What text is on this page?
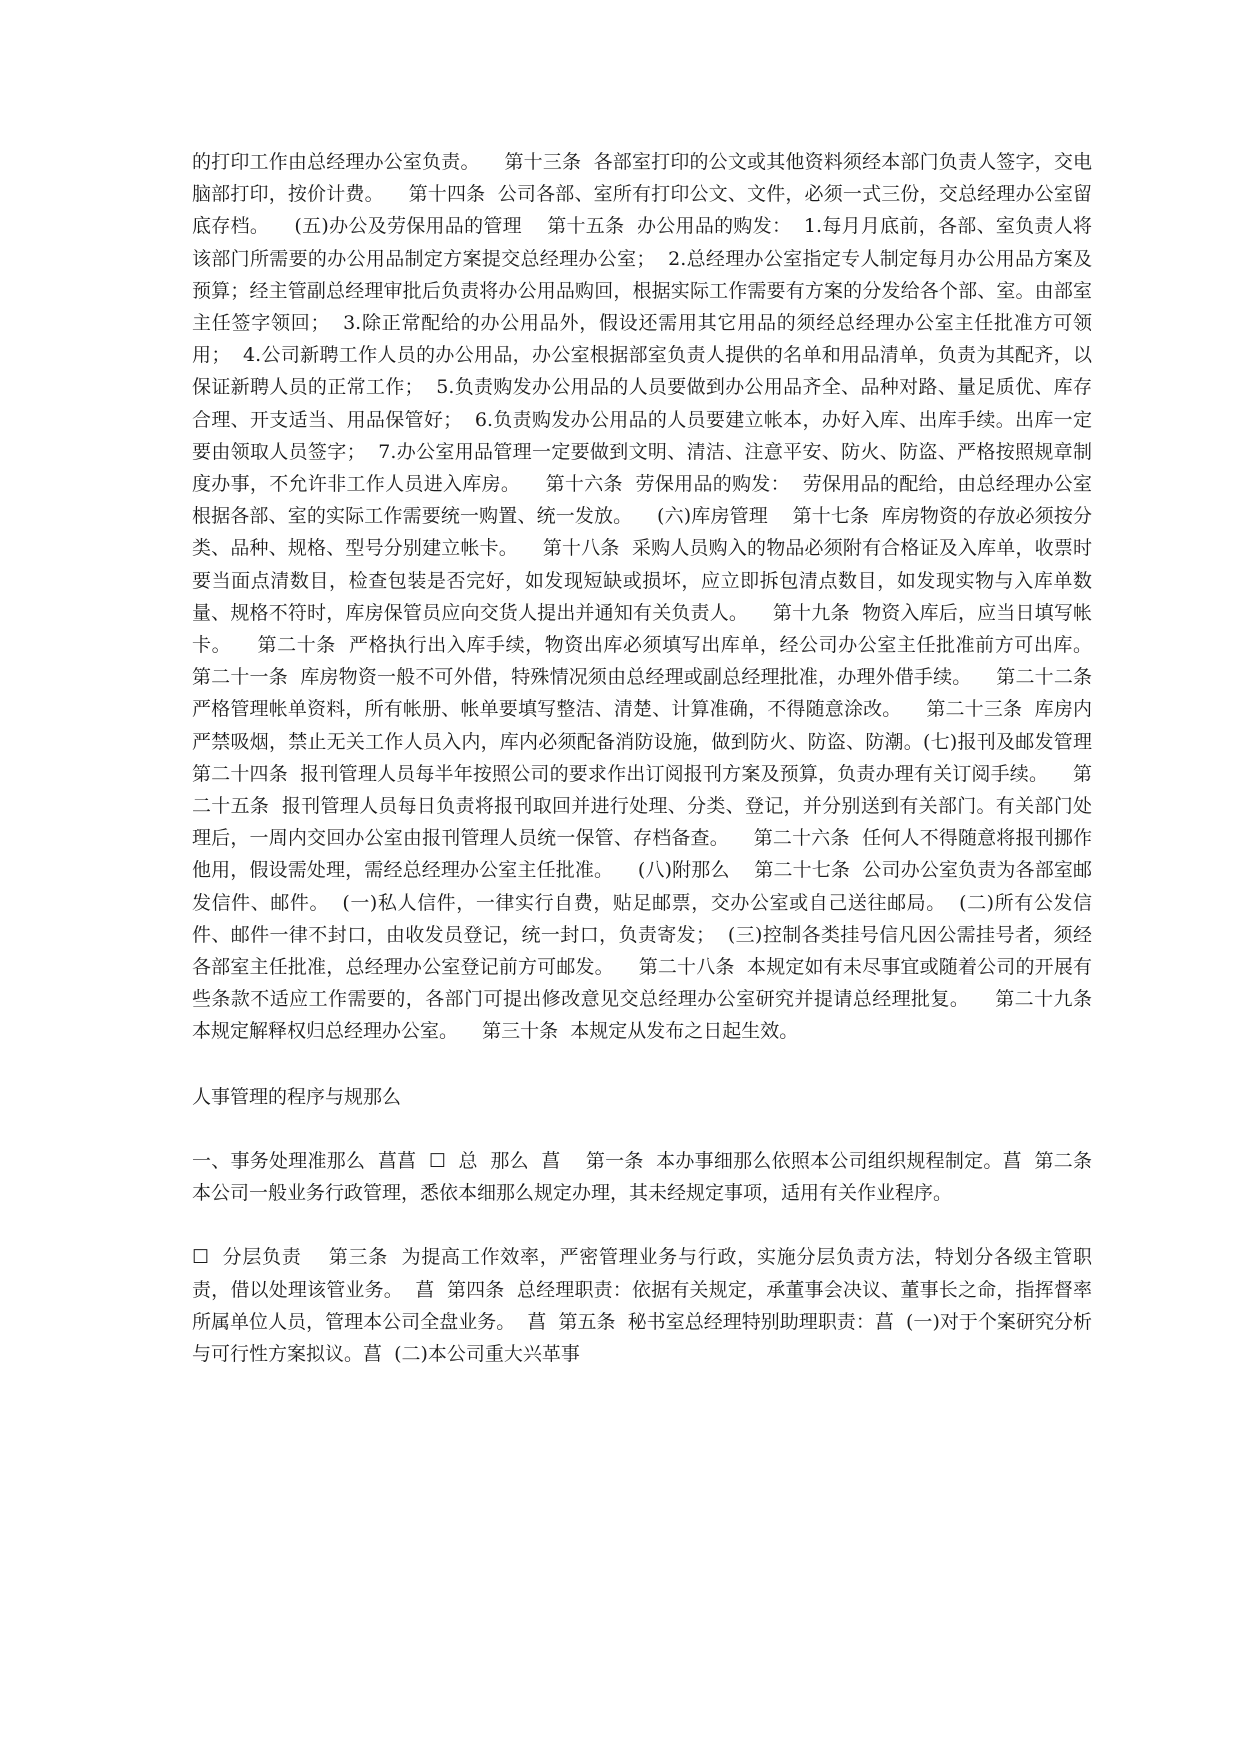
的打印工作由总经理办公室负责。    第十三条  各部室打印的公文或其他资料须经本部门负责人签字，交电脑部打印，按价计费。    第十四条  公司各部、室所有打印公文、文件，必须一式三份，交总经理办公室留底存档。    (五)办公及劳保用品的管理    第十五条  办公用品的购发：  1.每月月底前，各部、室负责人将该部门所需要的办公用品制定方案提交总经理办公室；  2.总经理办公室指定专人制定每月办公用品方案及预算；经主管副总经理审批后负责将办公用品购回，根据实际工作需要有方案的分发给各个部、室。由部室主任签字领回；  3.除正常配给的办公用品外，假设还需用其它用品的须经总经理办公室主任批准方可领用；  4.公司新聘工作人员的办公用品，办公室根据部室负责人提供的名单和用品清单，负责为其配齐，以保证新聘人员的正常工作；  5.负责购发办公用品的人员要做到办公用品齐全、品种对路、量足质优、库存合理、开支适当、用品保管好；  6.负责购发办公用品的人员要建立帐本，办好入库、出库手续。出库一定要由领取人员签字；  7.办公室用品管理一定要做到文明、清洁、注意平安、防火、防盗、严格按照规章制度办事，不允许非工作人员进入库房。    第十六条  劳保用品的购发：  劳保用品的配给，由总经理办公室根据各部、室的实际工作需要统一购置、统一发放。    (六)库房管理    第十七条  库房物资的存放必须按分类、品种、规格、型号分别建立帐卡。    第十八条  采购人员购入的物品必须附有合格证及入库单，收票时要当面点清数目，检查包装是否完好，如发现短缺或损坏，应立即拆包清点数目，如发现实物与入库单数量、规格不符时，库房保管员应向交货人提出并通知有关负责人。    第十九条  物资入库后，应当日填写帐卡。    第二十条  严格执行出入库手续，物资出库必须填写出库单，经公司办公室主任批准前方可出库。    第二十一条  库房物资一般不可外借，特殊情况须由总经理或副总经理批准，办理外借手续。    第二十二条  严格管理帐单资料，所有帐册、帐单要填写整洁、清楚、计算准确，不得随意涂改。    第二十三条  库房内严禁吸烟，禁止无关工作人员入内，库内必须配备消防设施，做到防火、防盗、防潮。(七)报刊及邮发管理    第二十四条  报刊管理人员每半年按照公司的要求作出订阅报刊方案及预算，负责办理有关订阅手续。    第二十五条  报刊管理人员每日负责将报刊取回并进行处理、分类、登记，并分别送到有关部门。有关部门处理后，一周内交回办公室由报刊管理人员统一保管、存档备查。    第二十六条  任何人不得随意将报刊挪作他用，假设需处理，需经总经理办公室主任批准。    (八)附那么    第二十七条  公司办公室负责为各部室邮发信件、邮件。  (一)私人信件，一律实行自费，贴足邮票，交办公室或自己送往邮局。  (二)所有公发信件、邮件一律不封口，由收发员登记，统一封口，负责寄发；  (三)控制各类挂号信凡因公需挂号者，须经各部室主任批准，总经理办公室登记前方可邮发。    第二十八条  本规定如有未尽事宜或随着公司的开展有些条款不适应工作需要的，各部门可提出修改意见交总经理办公室研究并提请总经理批复。    第二十九条  本规定解释权归总经理办公室。    第三十条  本规定从发布之日起生效。

人事管理的程序与规那么

一、事务处理准那么  菖菖  ☐  总  那么  菖    第一条  本办事细那么依照本公司组织规程制定。菖  第二条  本公司一般业务行政管理，悉依本细那么规定办理，其未经规定事项，适用有关作业程序。

☐  分层负责    第三条  为提高工作效率，严密管理业务与行政，实施分层负责方法，特划分各级主管职责，借以处理该管业务。  菖  第四条  总经理职责：依据有关规定，承董事会决议、董事长之命，指挥督率所属单位人员，管理本公司全盘业务。  菖  第五条  秘书室总经理特别助理职责：菖  (一)对于个案研究分析与可行性方案拟议。菖  (二)本公司重大兴革事
